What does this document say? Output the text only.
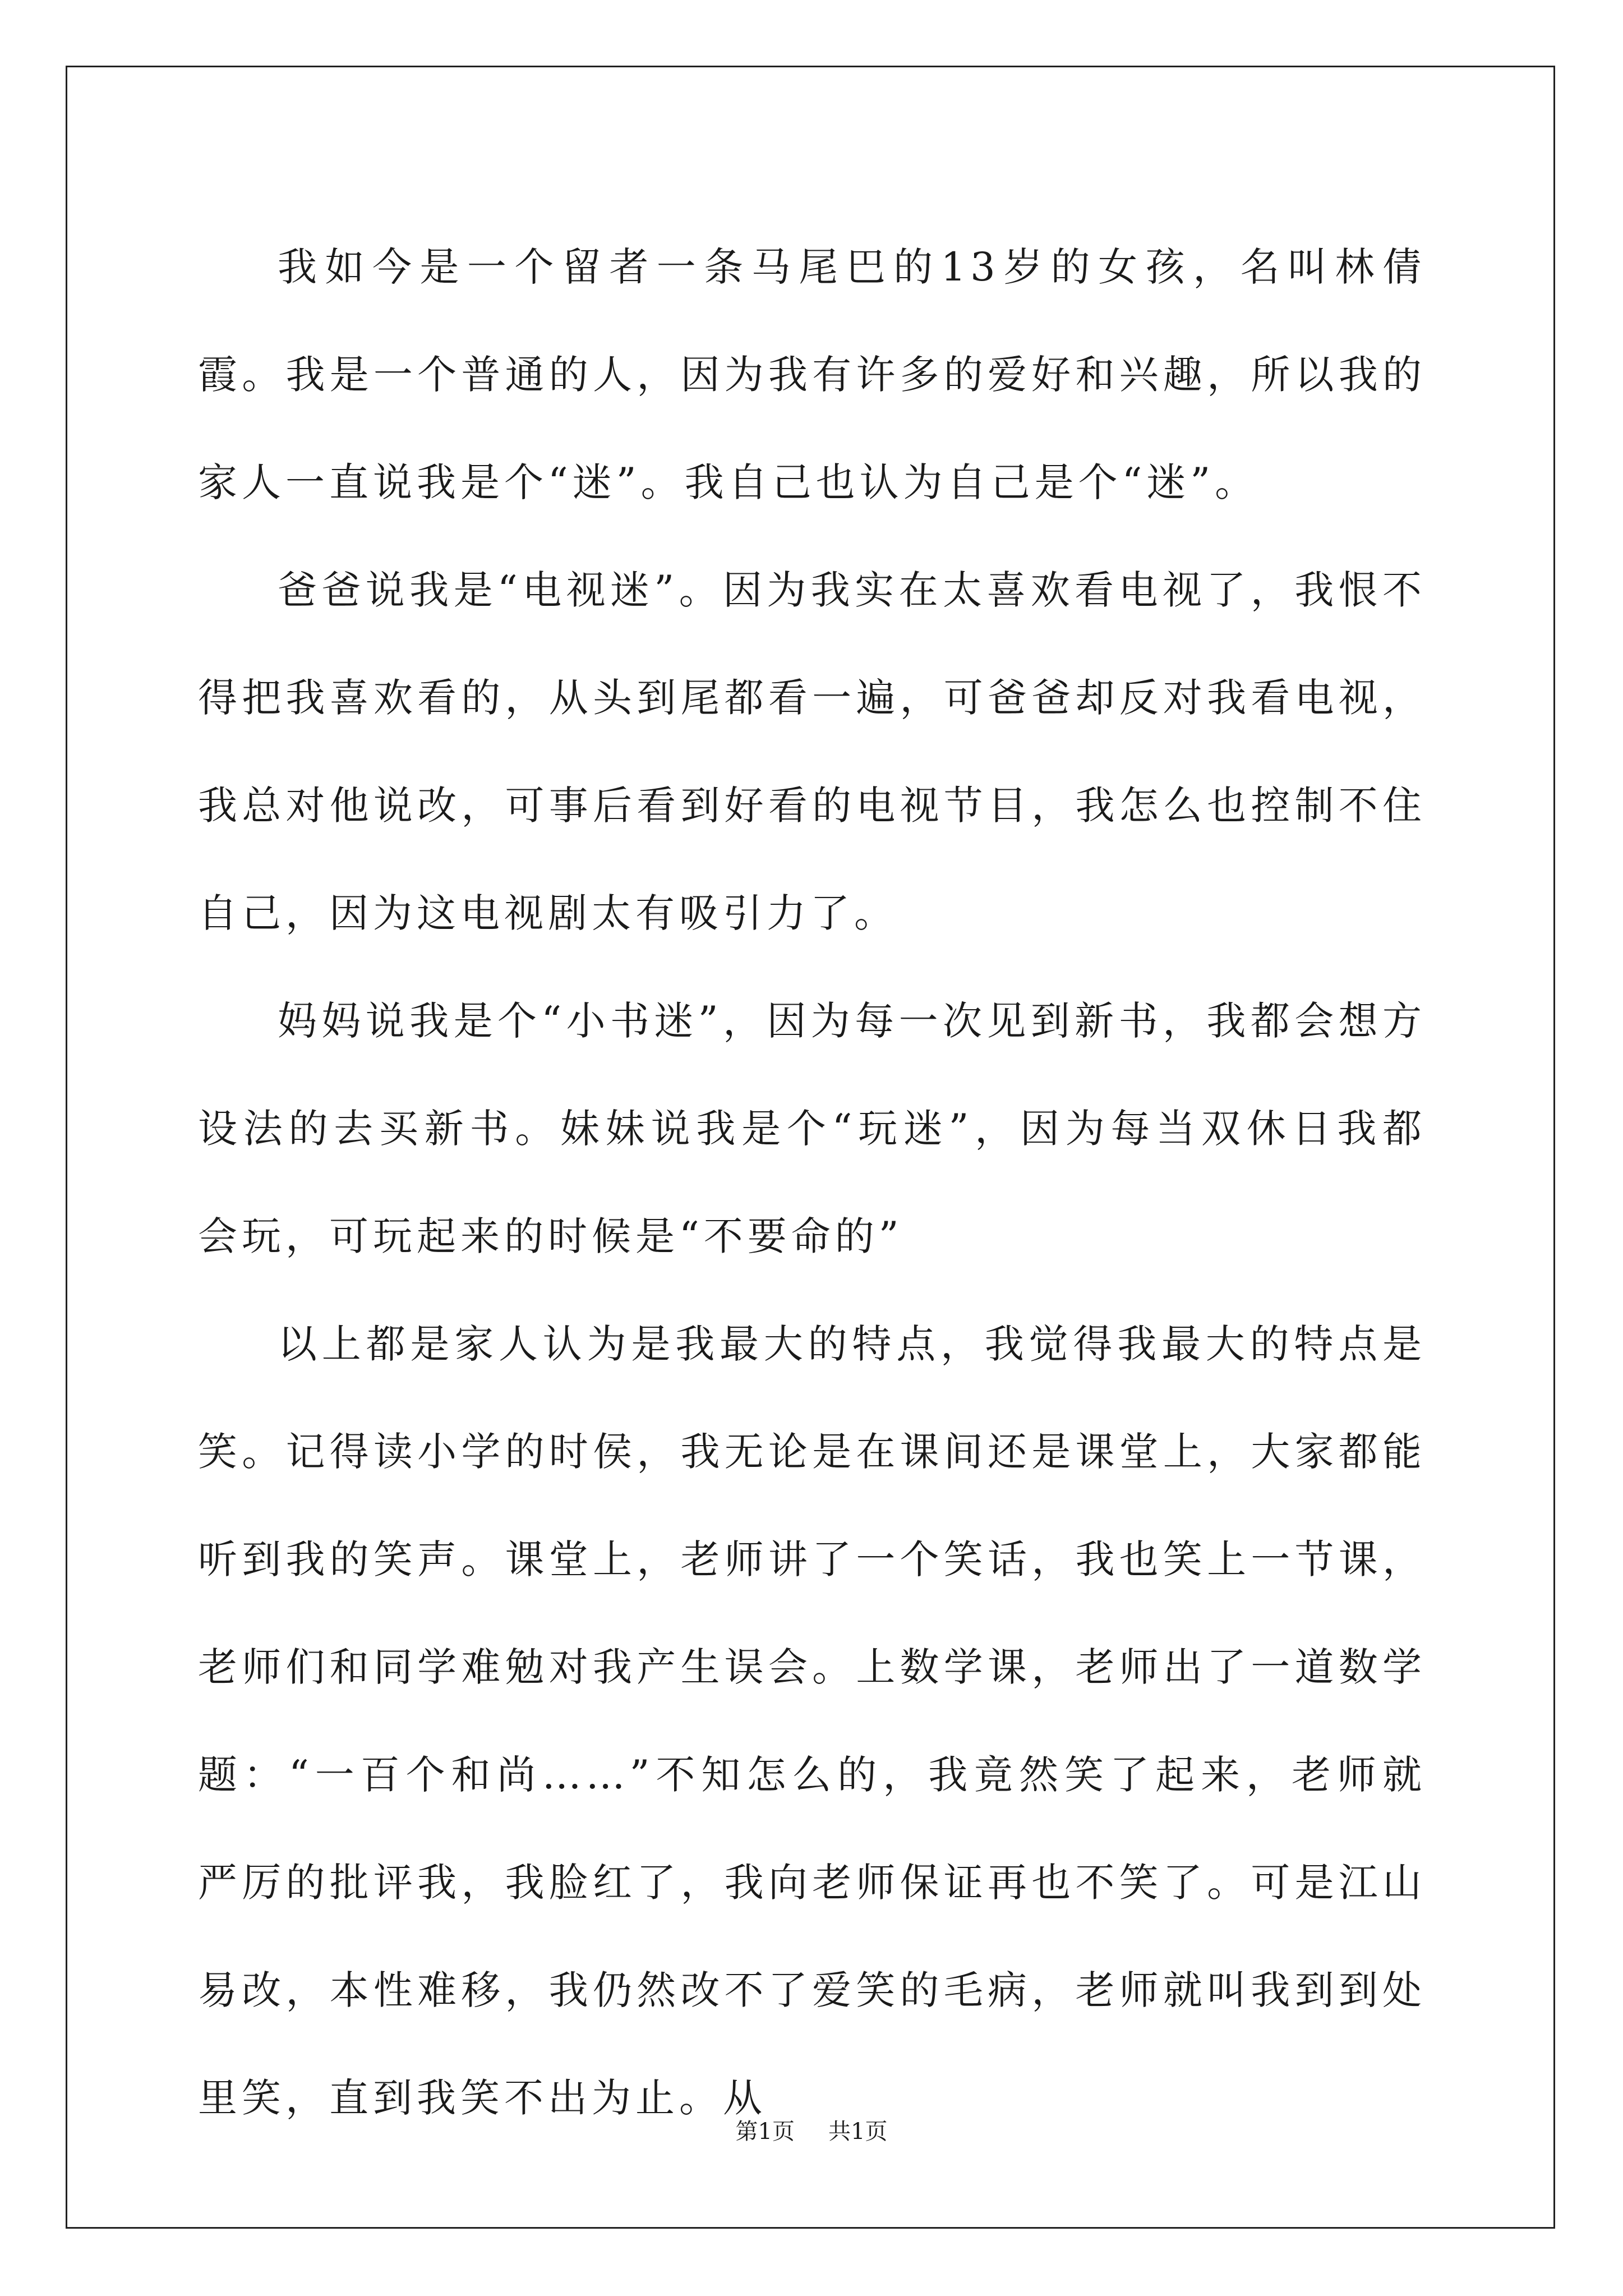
我如今是一个留者一条马尾巴的13岁的女孩，名叫林倩霞。我是一个普通的人，因为我有许多的爱好和兴趣，所以我的家人一直说我是个“迷”。我自己也认为自己是个“迷”。

爸爸说我是“电视迷”。因为我实在太喜欢看电视了，我恨不得把我喜欢看的，从头到尾都看一遍，可爸爸却反对我看电视，我总对他说改，可事后看到好看的电视节目，我怎么也控制不住自己，因为这电视剧太有吸引力了。

妈妈说我是个“小书迷”，因为每一次见到新书，我都会想方设法的去买新书。妹妹说我是个“玩迷”，因为每当双休日我都会玩，可玩起来的时候是“不要命的”

以上都是家人认为是我最大的特点，我觉得我最大的特点是笑。记得读小学的时侯，我无论是在课间还是课堂上，大家都能听到我的笑声。课堂上，老师讲了一个笑话，我也笑上一节课，老师们和同学难勉对我产生误会。上数学课，老师出了一道数学题：“一百个和尚……”不知怎么的，我竟然笑了起来，老师就严厉的批评我，我脸红了，我向老师保证再也不笑了。可是江山易改，本性难移，我仍然改不了爱笑的毛病，老师就叫我到到处里笑，直到我笑不出为止。从

第1页 共1页
